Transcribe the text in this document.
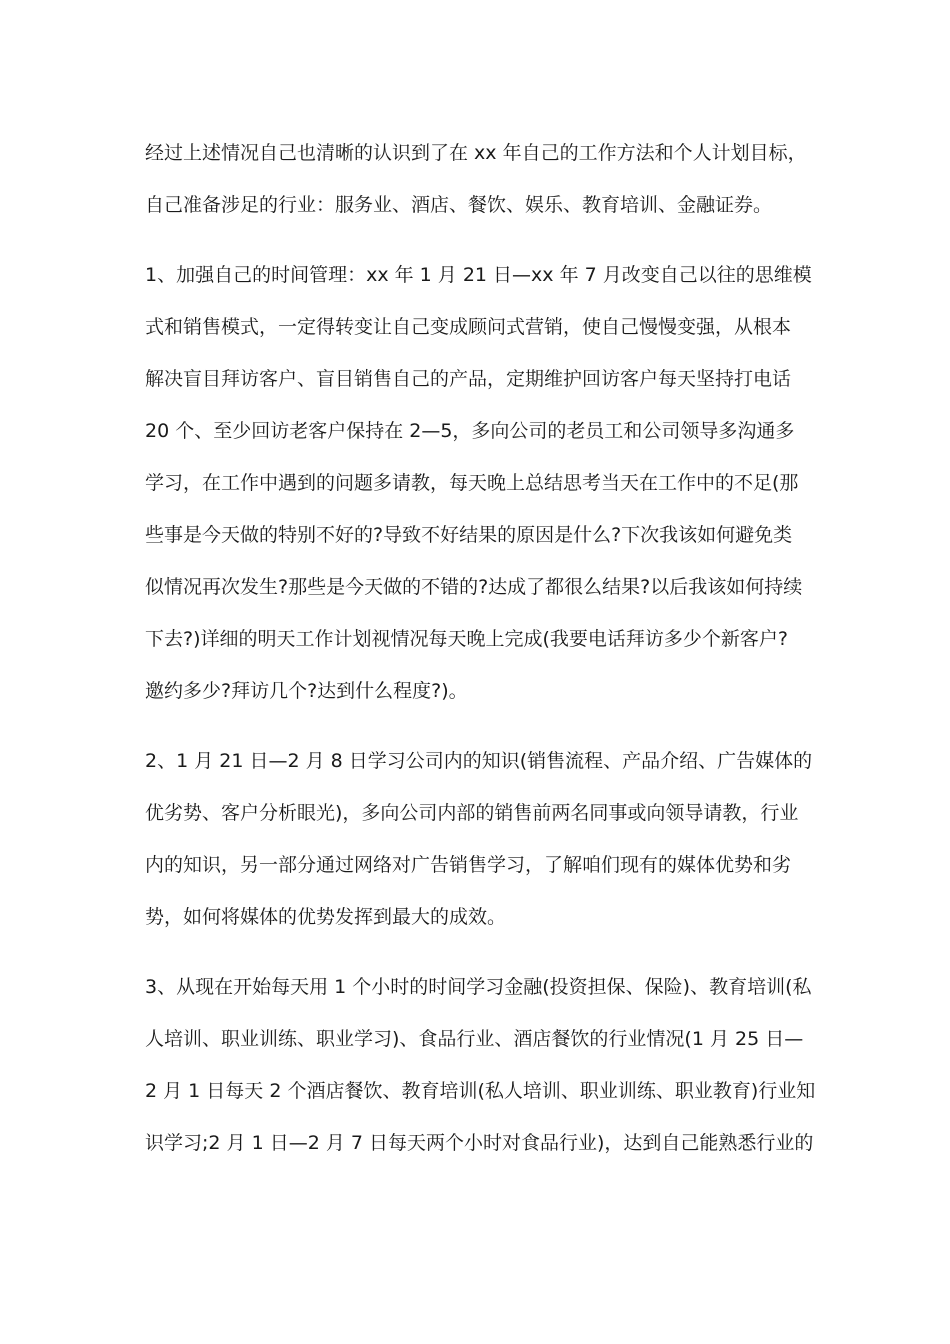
经过上述情况自己也清晰的认识到了在 xx 年自己的工作方法和个人计划目标，
自己准备涉足的行业：服务业、酒店、餐饮、娱乐、教育培训、金融证券。
1、加强自己的时间管理：xx 年 1 月 21 日—xx 年 7 月改变自己以往的思维模
式和销售模式，一定得转变让自己变成顾问式营销，使自己慢慢变强，从根本
解决盲目拜访客户、盲目销售自己的产品，定期维护回访客户每天坚持打电话
20 个、至少回访老客户保持在 2—5，多向公司的老员工和公司领导多沟通多
学习，在工作中遇到的问题多请教，每天晚上总结思考当天在工作中的不足(那
些事是今天做的特别不好的?导致不好结果的原因是什么?下次我该如何避免类
似情况再次发生?那些是今天做的不错的?达成了都很么结果?以后我该如何持续
下去?)详细的明天工作计划视情况每天晚上完成(我要电话拜访多少个新客户?
邀约多少?拜访几个?达到什么程度?)。
2、1 月 21 日—2 月 8 日学习公司内的知识(销售流程、产品介绍、广告媒体的
优劣势、客户分析眼光)，多向公司内部的销售前两名同事或向领导请教，行业
内的知识，另一部分通过网络对广告销售学习，了解咱们现有的媒体优势和劣
势，如何将媒体的优势发挥到最大的成效。
3、从现在开始每天用 1 个小时的时间学习金融(投资担保、保险)、教育培训(私
人培训、职业训练、职业学习)、食品行业、酒店餐饮的行业情况(1 月 25 日—
2 月 1 日每天 2 个酒店餐饮、教育培训(私人培训、职业训练、职业教育)行业知
识学习;2 月 1 日—2 月 7 日每天两个小时对食品行业)，达到自己能熟悉行业的
